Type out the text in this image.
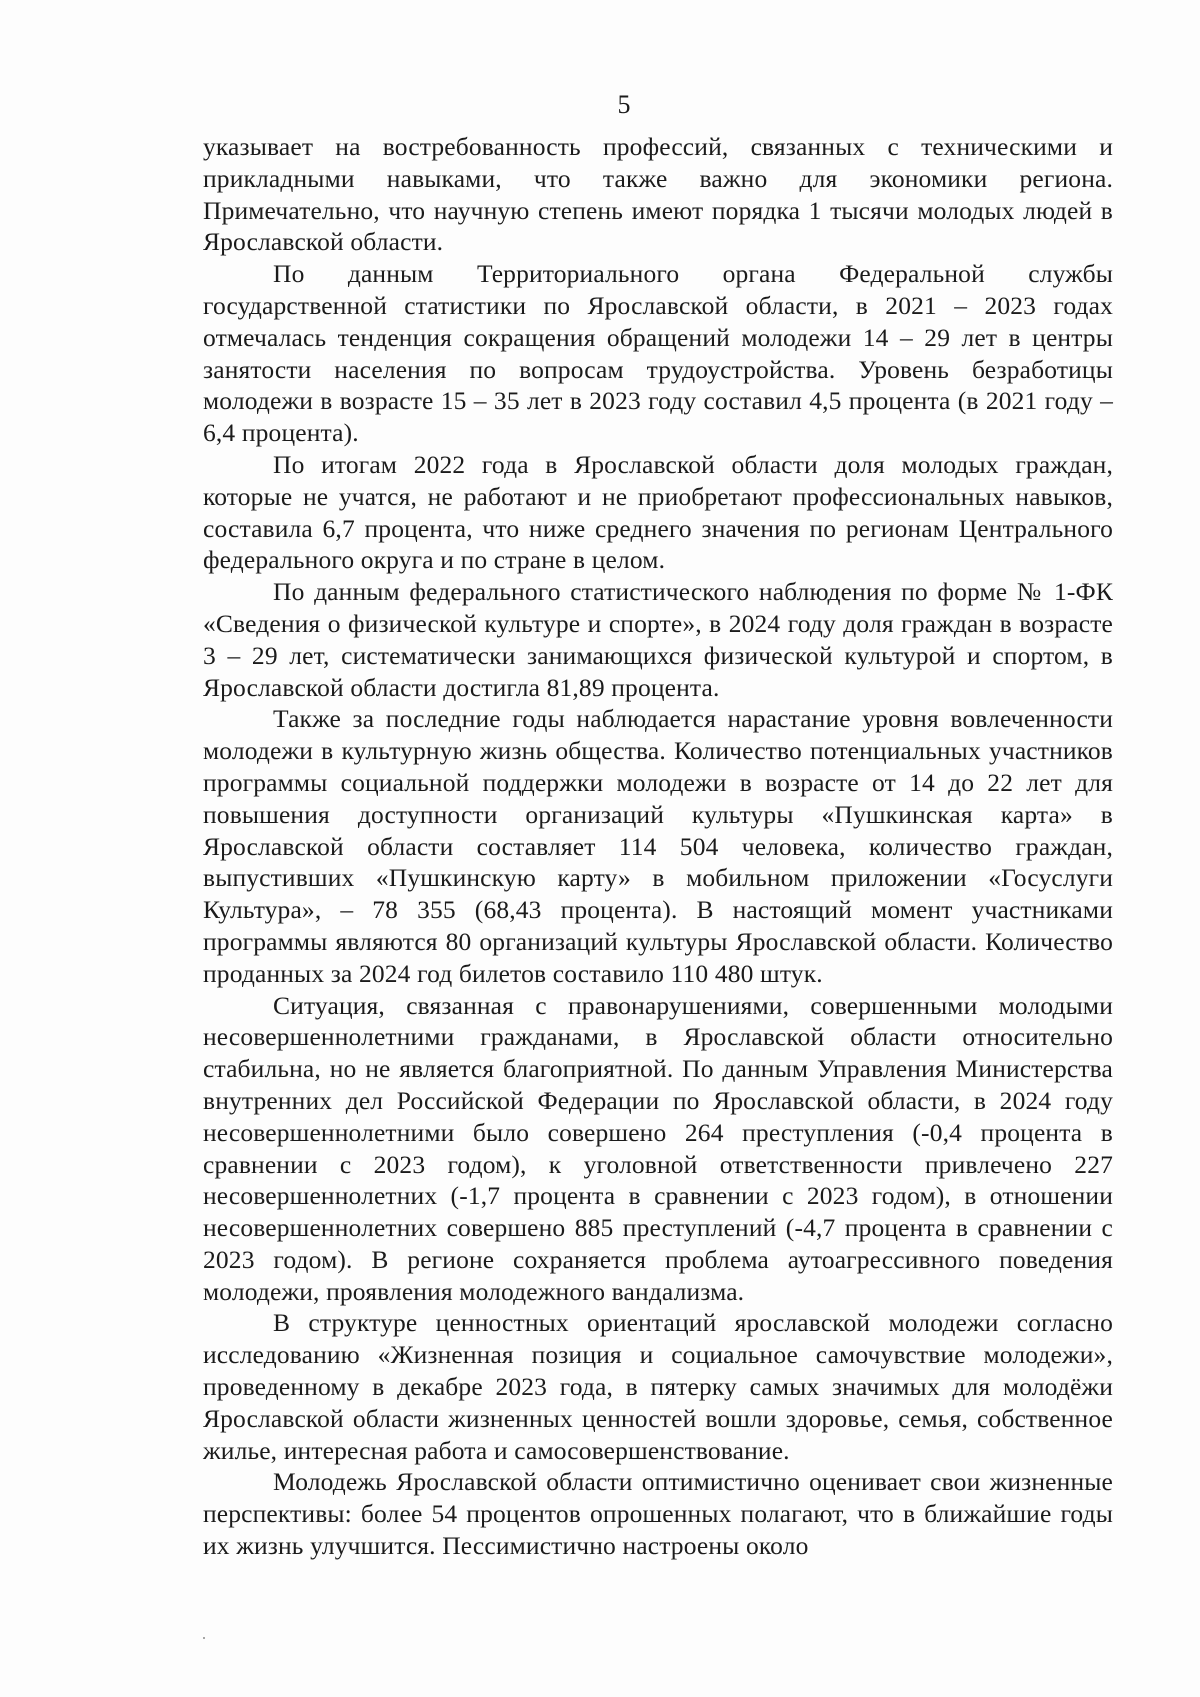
5

указывает на востребованность профессий, связанных с техническими и прикладными навыками, что также важно для экономики региона. Примечательно, что научную степень имеют порядка 1 тысячи молодых людей в Ярославской области.

По данным Территориального органа Федеральной службы государственной статистики по Ярославской области, в 2021 – 2023 годах отмечалась тенденция сокращения обращений молодежи 14 – 29 лет в центры занятости населения по вопросам трудоустройства. Уровень безработицы молодежи в возрасте 15 – 35 лет в 2023 году составил 4,5 процента (в 2021 году – 6,4 процента).

По итогам 2022 года в Ярославской области доля молодых граждан, которые не учатся, не работают и не приобретают профессиональных навыков, составила 6,7 процента, что ниже среднего значения по регионам Центрального федерального округа и по стране в целом.

По данным федерального статистического наблюдения по форме № 1-ФК «Сведения о физической культуре и спорте», в 2024 году доля граждан в возрасте 3 – 29 лет, систематически занимающихся физической культурой и спортом, в Ярославской области достигла 81,89 процента.

Также за последние годы наблюдается нарастание уровня вовлеченности молодежи в культурную жизнь общества. Количество потенциальных участников программы социальной поддержки молодежи в возрасте от 14 до 22 лет для повышения доступности организаций культуры «Пушкинская карта» в Ярославской области составляет 114 504 человека, количество граждан, выпустивших «Пушкинскую карту» в мобильном приложении «Госуслуги Культура», – 78 355 (68,43 процента). В настоящий момент участниками программы являются 80 организаций культуры Ярославской области. Количество проданных за 2024 год билетов составило 110 480 штук.

Ситуация, связанная с правонарушениями, совершенными молодыми несовершеннолетними гражданами, в Ярославской области относительно стабильна, но не является благоприятной. По данным Управления Министерства внутренних дел Российской Федерации по Ярославской области, в 2024 году несовершеннолетними было совершено 264 преступления (-0,4 процента в сравнении с 2023 годом), к уголовной ответственности привлечено 227 несовершеннолетних (-1,7 процента в сравнении с 2023 годом), в отношении несовершеннолетних совершено 885 преступлений (-4,7 процента в сравнении с 2023 годом). В регионе сохраняется проблема аутоагрессивного поведения молодежи, проявления молодежного вандализма.

В структуре ценностных ориентаций ярославской молодежи согласно исследованию «Жизненная позиция и социальное самочувствие молодежи», проведенному в декабре 2023 года, в пятерку самых значимых для молодёжи Ярославской области жизненных ценностей вошли здоровье, семья, собственное жилье, интересная работа и самосовершенствование.

Молодежь Ярославской области оптимистично оценивает свои жизненные перспективы: более 54 процентов опрошенных полагают, что в ближайшие годы их жизнь улучшится. Пессимистично настроены около
